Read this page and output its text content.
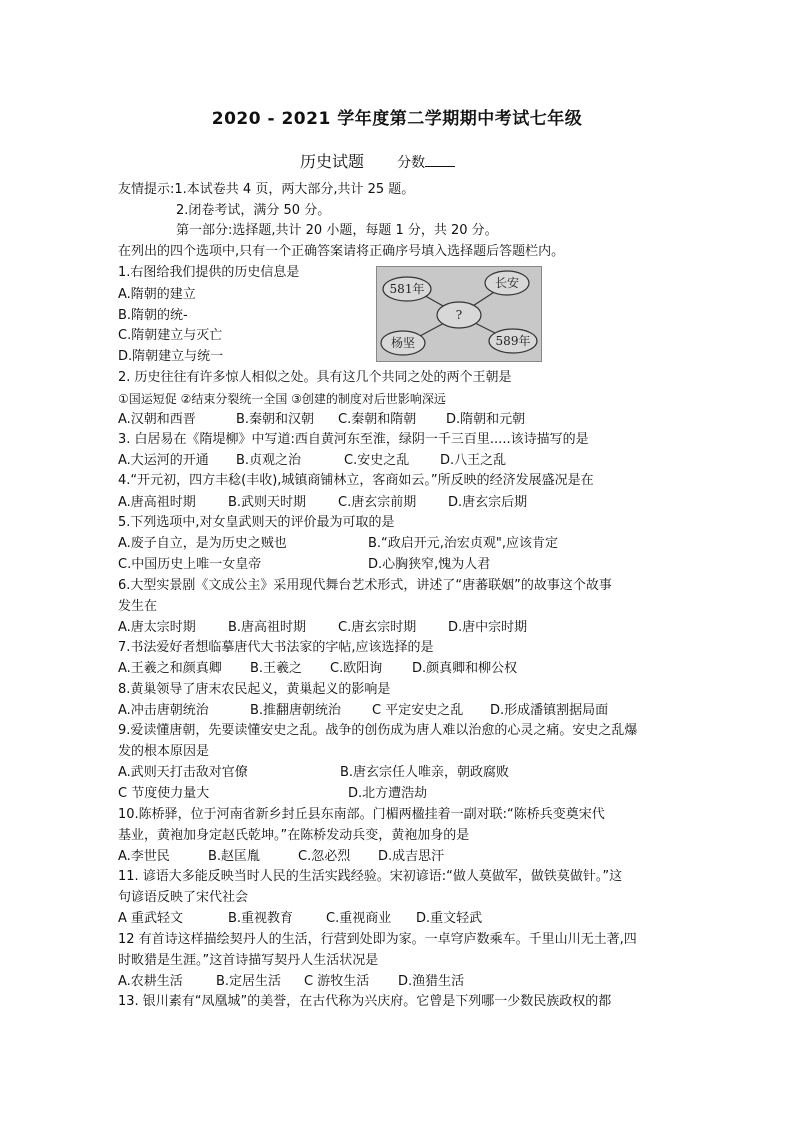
2020 - 2021 学年度第二学期期中考试七年级
历史试题 分数
友情提示:1.本试卷共 4 页，两大部分,共计 25 题。
2.闭卷考试，满分 50 分。
第一部分:选择题,共计 20 小题，每题 1 分，共 20 分。
在列出的四个选项中,只有一个正确答案请将正确序号填入选择题后答题栏内。
1.右图给我们提供的历史信息是
A.隋朝的建立
B.隋朝的统-
C.隋朝建立与灭亡
D.隋朝建立与统一
?
581年	长安
杨坚	589年
2. 历史往往有许多惊人相似之处。具有这几个共同之处的两个王朝是
①国运短促 ②结束分裂统一全国 ③创建的制度对后世影响深远
A.汉朝和西晋	B.秦朝和汉朝 C.秦朝和隋朝 D.隋朝和元朝
3. 白居易在《隋堤柳》中写道:西自黄河东至淮，绿阴一千三百里.....该诗描写的是
A.大运河的开通 B.贞观之治	C.安史之乱 D.八王之乱
4.“开元初，四方丰稔(丰收),城镇商铺林立，客商如云。”所反映的经济发展盛况是在
A.唐高祖时期 B.武则天时期 C.唐玄宗前期 D.唐玄宗后期
5.下列选项中,对女皇武则天的评价最为可取的是
A.废子自立，是为历史之贼也	B.“政启开元,治宏贞观",应该肯定
C.中国历史上唯一女皇帝	D.心胸狭窄,愧为人君
6.大型实景剧《文成公主》采用现代舞台艺术形式，讲述了“唐蕃联姻”的故事这个故事
发生在
A.唐太宗时期 B.唐高祖时期 C.唐玄宗时期 D.唐中宗时期
7.书法爱好者想临摹唐代大书法家的字帖,应该选择的是
A.王羲之和颜真卿 B.王羲之 C.欧阳询 D.颜真卿和柳公权
8.黄巢领导了唐末农民起义，黄巢起义的影响是
A.冲击唐朝统治	B.推翻唐朝统治 C 平定安史之乱 D.形成潘镇割据局面
9.爱读懂唐朝，先要读懂安史之乱。战争的创伤成为唐人难以治愈的心灵之痛。安史之乱爆
发的根本原因是
A.武则天打击敌对官僚	B.唐玄宗任人唯亲，朝政腐败
C 节度使力量大	D.北方遭浩劫
10.陈桥驿，位于河南省新乡封丘县东南部。门楣两楹挂着一副对联:“陈桥兵变奠宋代
基业，黄袍加身定赵氏乾坤。”在陈桥发动兵变，黄袍加身的是
A.李世民	B.赵匡胤	C.忽必烈 D.成吉思汗
11. 谚语大多能反映当时人民的生活实践经验。宋初谚语:“做人莫做军，做铁莫做针。”这
句谚语反映了宋代社会
A 重武轻文	B.重视教育	C.重视商业 D.重文轻武
12 有首诗这样描绘契丹人的生活，行营到处即为家。一卓穹庐数乘车。千里山川无土著,四
时畋猎是生涯。”这首诗描写契丹人生活状况是
A.农耕生活	B.定居生活 C 游牧生活 D.渔猎生活
13. 银川素有“凤凰城”的美誉，在古代称为兴庆府。它曾是下列哪一少数民族政权的都
